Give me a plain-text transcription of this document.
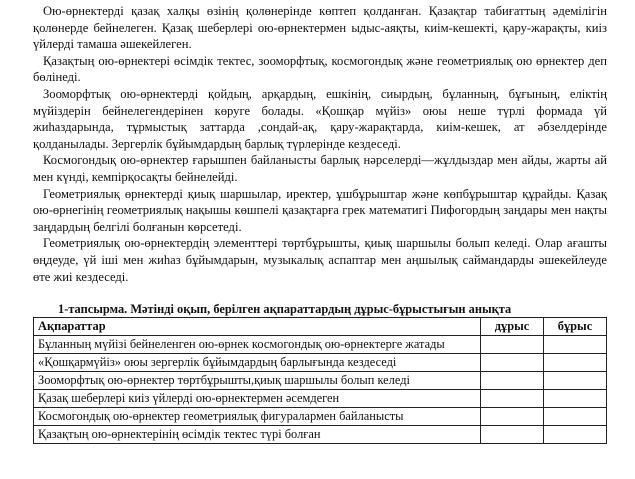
Ою-өрнектерді қазақ халқы өзінің қолөнерінде көптеп қолданған. Қазақтар табиғаттың әдемілігін қолөнерде бейнелеген. Қазақ шеберлері ою-өрнектермен ыдыс-аяқты, киім-кешекті, қару-жарақты, киіз үйлерді тамаша әшекейлеген.

Қазақтың ою-өрнектері өсімдік тектес, зооморфтық, космогондық және геометриялық ою өрнектер деп бөлінеді.

Зооморфтық ою-өрнектерді қойдың, арқардың, ешкінің, сиырдың, бұланның, бұғының, еліктің мүйіздерін бейнелегендерінен көруге болады. «Қошқар мүйіз» оюы неше түрлі формада үй жиһаздарында, тұрмыстық заттарда ,сондай-ақ, қару-жарақтарда, киім-кешек, ат әбзелдерінде қолданылады. Зергерлік бұйымдардың барлық түрлерінде кездеседі.

Космогондық ою-өрнектер ғарышпен байланысты барлық нәрселерді—жұлдыздар мен айды, жарты ай мен күнді, кемпірқосақты бейнелейді.

Геометриялық өрнектерді қиық шаршылар, иректер, ұшбұрыштар және көпбұрыштар құрайды. Қазақ ою-өрнегінің геометриялық нақышы көшпелі қазақтарға грек математигі Пифогордың заңдары мен нақты заңдардың белгілі болғанын көрсетеді.

Геометриялық ою-өрнектердің элементтері төртбұрышты, қиық шаршылы болып келеді. Олар ағашты өңдеуде, үй іші мен жиһаз бұйымдарын, музыкалық аспаптар мен аңшылық саймандарды әшекейлеуде өте жиі кездеседі.

1-тапсырма. Мәтінді оқып, берілген ақпараттардың дұрыс-бұрыстығын анықта
Ақпараттар	дұрыс	бұрыс
Бұланның мүйізі бейнеленген ою-өрнек космогондық ою-өрнектерге жатады		
«Қошқармүйіз» оюы зергерлік бұйымдардың барлығында кездеседі		
Зооморфтық ою-өрнектер төртбұрышты,қиық шаршылы болып келеді		
Қазақ шеберлері киіз үйлерді ою-өрнектермен әсемдеген		
Космогондық ою-өрнектер геометриялық фигуралармен байланысты		
Қазақтың ою-өрнектерінің өсімдік тектес түрі болған		
